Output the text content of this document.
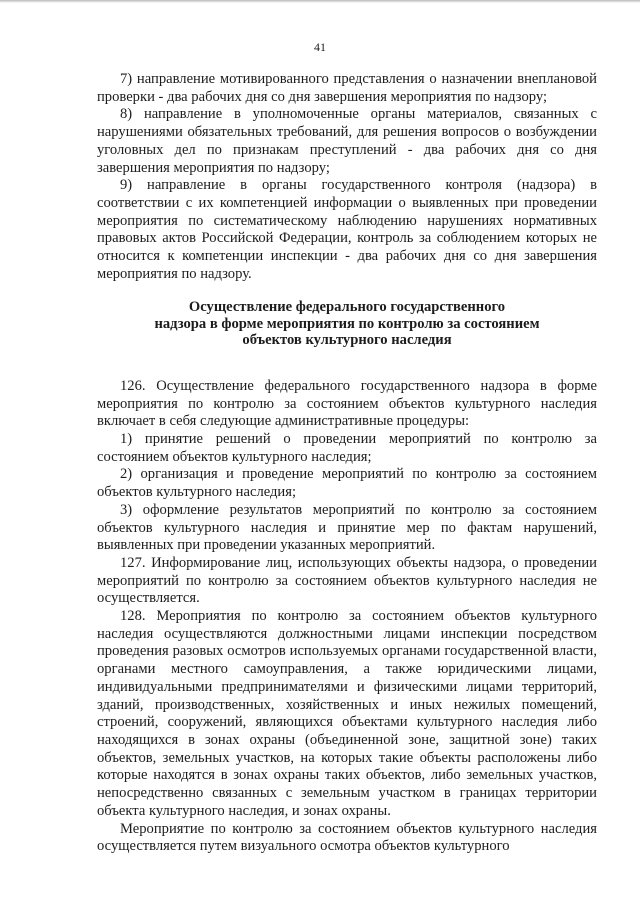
41

7) направление мотивированного представления о назначении внеплановой проверки - два рабочих дня со дня завершения мероприятия по надзору;

8) направление в уполномоченные органы материалов, связанных с нарушениями обязательных требований, для решения вопросов о возбуждении уголовных дел по признакам преступлений - два рабочих дня со дня завершения мероприятия по надзору;

9) направление в органы государственного контроля (надзора) в соответствии с их компетенцией информации о выявленных при проведении мероприятия по систематическому наблюдению нарушениях нормативных правовых актов Российской Федерации, контроль за соблюдением которых не относится к компетенции инспекции - два рабочих дня со дня завершения мероприятия по надзору.

Осуществление федерального государственного
надзора в форме мероприятия по контролю за состоянием
объектов культурного наследия

126. Осуществление федерального государственного надзора в форме мероприятия по контролю за состоянием объектов культурного наследия включает в себя следующие административные процедуры:

1) принятие решений о проведении мероприятий по контролю за состоянием объектов культурного наследия;

2) организация и проведение мероприятий по контролю за состоянием объектов культурного наследия;

3) оформление результатов мероприятий по контролю за состоянием объектов культурного наследия и принятие мер по фактам нарушений, выявленных при проведении указанных мероприятий.

127. Информирование лиц, использующих объекты надзора, о проведении мероприятий по контролю за состоянием объектов культурного наследия не осуществляется.

128. Мероприятия по контролю за состоянием объектов культурного наследия осуществляются должностными лицами инспекции посредством проведения разовых осмотров используемых органами государственной власти, органами местного самоуправления, а также юридическими лицами, индивидуальными предпринимателями и физическими лицами территорий, зданий, производственных, хозяйственных и иных нежилых помещений, строений, сооружений, являющихся объектами культурного наследия либо находящихся в зонах охраны (объединенной зоне, защитной зоне) таких объектов, земельных участков, на которых такие объекты расположены либо которые находятся в зонах охраны таких объектов, либо земельных участков, непосредственно связанных с земельным участком в границах территории объекта культурного наследия, и зонах охраны.

Мероприятие по контролю за состоянием объектов культурного наследия осуществляется путем визуального осмотра объектов культурного
